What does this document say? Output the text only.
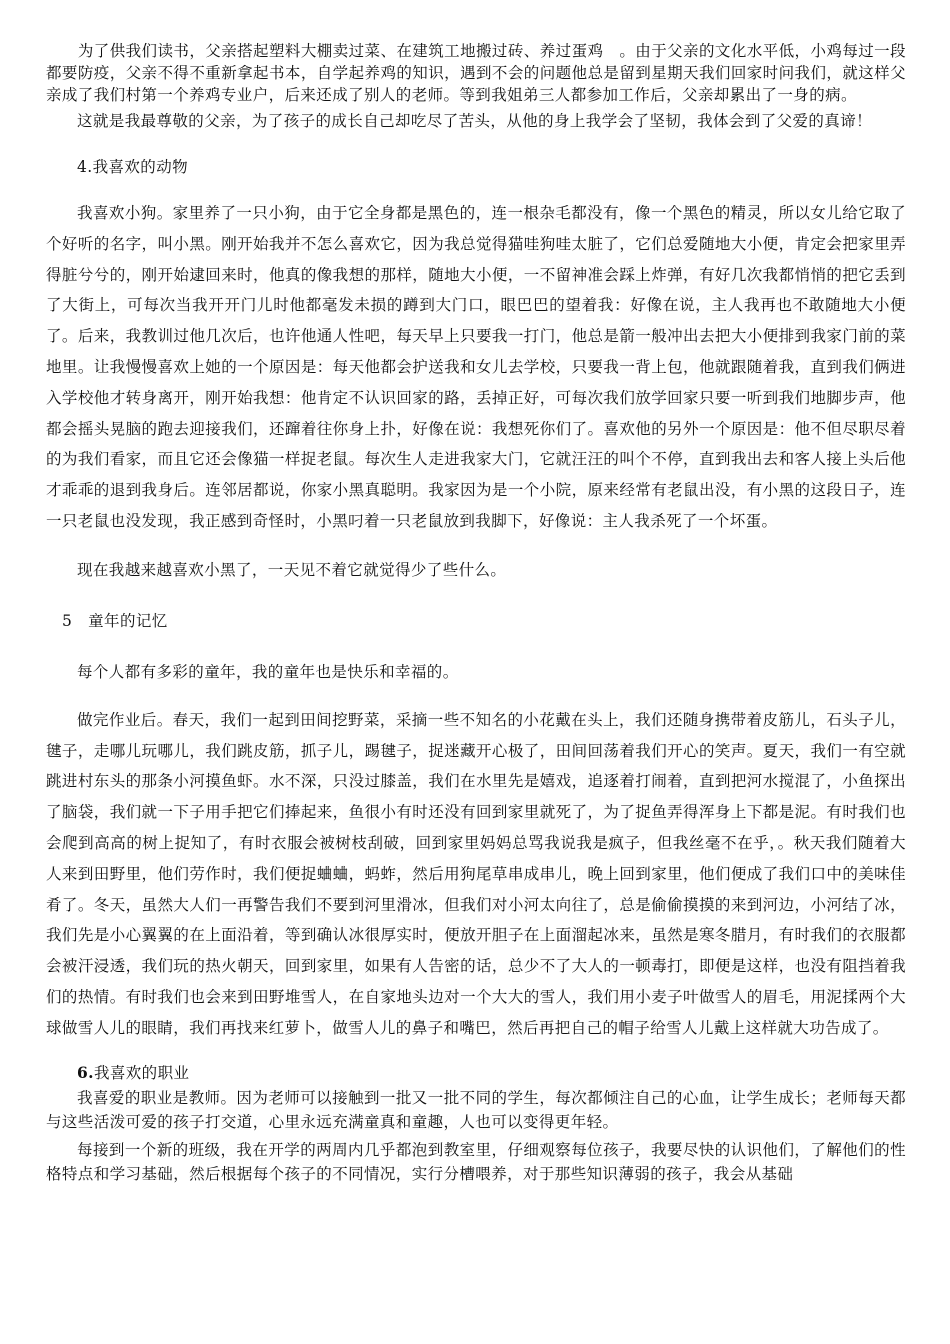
　　为了供我们读书，父亲搭起塑料大棚卖过菜、在建筑工地搬过砖、养过蛋鸡　。由于父亲的文化水平低，小鸡每过一段都要防疫，父亲不得不重新拿起书本，自学起养鸡的知识，遇到不会的问题他总是留到星期天我们回家时问我们，就这样父亲成了我们村第一个养鸡专业户，后来还成了别人的老师。等到我姐弟三人都参加工作后，父亲却累出了一身的病。

这就是我最尊敬的父亲，为了孩子的成长自己却吃尽了苦头，从他的身上我学会了坚韧，我体会到了父爱的真谛！

4.我喜欢的动物

我喜欢小狗。家里养了一只小狗，由于它全身都是黑色的，连一根杂毛都没有，像一个黑色的精灵，所以女儿给它取了个好听的名字，叫小黑。刚开始我并不怎么喜欢它，因为我总觉得猫哇狗哇太脏了，它们总爱随地大小便，肯定会把家里弄得脏兮兮的，刚开始逮回来时，他真的像我想的那样，随地大小便，一不留神准会踩上炸弹，有好几次我都悄悄的把它丢到了大街上，可每次当我开开门儿时他都毫发未损的蹲到大门口，眼巴巴的望着我：好像在说，主人我再也不敢随地大小便了。后来，我教训过他几次后，也许他通人性吧，每天早上只要我一打门，他总是箭一般冲出去把大小便排到我家门前的菜地里。让我慢慢喜欢上她的一个原因是：每天他都会护送我和女儿去学校，只要我一背上包，他就跟随着我，直到我们俩进入学校他才转身离开，刚开始我想：他肯定不认识回家的路，丢掉正好，可每次我们放学回家只要一听到我们地脚步声，他都会摇头晃脑的跑去迎接我们，还蹿着往你身上扑，好像在说：我想死你们了。喜欢他的另外一个原因是：他不但尽职尽着的为我们看家，而且它还会像猫一样捉老鼠。每次生人走进我家大门，它就汪汪的叫个不停，直到我出去和客人接上头后他才乖乖的退到我身后。连邻居都说，你家小黑真聪明。我家因为是一个小院，原来经常有老鼠出没，有小黑的这段日子，连一只老鼠也没发现，我正感到奇怪时，小黑叼着一只老鼠放到我脚下，好像说：主人我杀死了一个坏蛋。

现在我越来越喜欢小黑了，一天见不着它就觉得少了些什么。

5　童年的记忆

每个人都有多彩的童年，我的童年也是快乐和幸福的。

做完作业后。春天，我们一起到田间挖野菜，采摘一些不知名的小花戴在头上，我们还随身携带着皮筋儿，石头子儿，毽子，走哪儿玩哪儿，我们跳皮筋，抓子儿，踢毽子，捉迷藏开心极了，田间回荡着我们开心的笑声。夏天，我们一有空就跳进村东头的那条小河摸鱼虾。水不深，只没过膝盖，我们在水里先是嬉戏，追逐着打闹着，直到把河水搅混了，小鱼探出了脑袋，我们就一下子用手把它们捧起来，鱼很小有时还没有回到家里就死了，为了捉鱼弄得浑身上下都是泥。有时我们也会爬到高高的树上捉知了，有时衣服会被树枝刮破，回到家里妈妈总骂我说我是疯子，但我丝毫不在乎，。秋天我们随着大人来到田野里，他们劳作时，我们便捉蛐蛐，蚂蚱，然后用狗尾草串成串儿，晚上回到家里，他们便成了我们口中的美味佳肴了。冬天，虽然大人们一再警告我们不要到河里滑冰，但我们对小河太向往了，总是偷偷摸摸的来到河边，小河结了冰，我们先是小心翼翼的在上面沿着，等到确认冰很厚实时，便放开胆子在上面溜起冰来，虽然是寒冬腊月，有时我们的衣服都会被汗浸透，我们玩的热火朝天，回到家里，如果有人告密的话，总少不了大人的一顿毒打，即便是这样，也没有阻挡着我们的热情。有时我们也会来到田野堆雪人，在自家地头边对一个大大的雪人，我们用小麦子叶做雪人的眉毛，用泥揉两个大球做雪人儿的眼睛，我们再找来红萝卜，做雪人儿的鼻子和嘴巴，然后再把自己的帽子给雪人儿戴上这样就大功告成了。

6.我喜欢的职业

我喜爱的职业是教师。因为老师可以接触到一批又一批不同的学生，每次都倾注自己的心血，让学生成长；老师每天都与这些活泼可爱的孩子打交道，心里永远充满童真和童趣，人也可以变得更年轻。

每接到一个新的班级，我在开学的两周内几乎都泡到教室里，仔细观察每位孩子，我要尽快的认识他们，了解他们的性格特点和学习基础，然后根据每个孩子的不同情况，实行分槽喂养，对于那些知识薄弱的孩子，我会从基础
